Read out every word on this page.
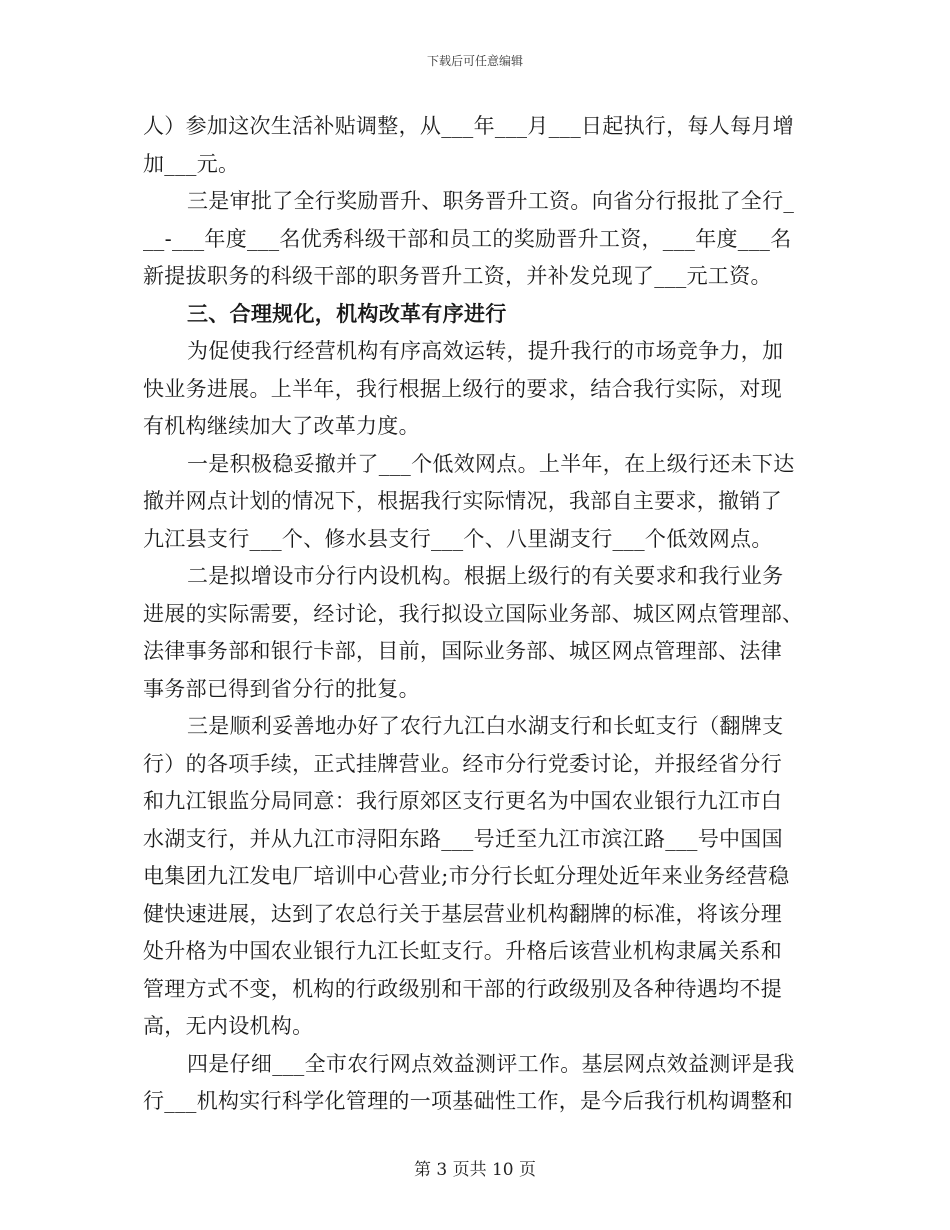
下载后可任意编辑
人）参加这次生活补贴调整，从___年___月___日起执行，每人每月增
加___元。
三是审批了全行奖励晋升、职务晋升工资。向省分行报批了全行_
__-___年度___名优秀科级干部和员工的奖励晋升工资，___年度___名
新提拔职务的科级干部的职务晋升工资，并补发兑现了___元工资。
三、合理规化，机构改革有序进行
为促使我行经营机构有序高效运转，提升我行的市场竞争力，加
快业务进展。上半年，我行根据上级行的要求，结合我行实际，对现
有机构继续加大了改革力度。
一是积极稳妥撤并了___个低效网点。上半年，在上级行还未下达
撤并网点计划的情况下，根据我行实际情况，我部自主要求，撤销了
九江县支行___个、修水县支行___个、八里湖支行___个低效网点。
二是拟增设市分行内设机构。根据上级行的有关要求和我行业务
进展的实际需要，经讨论，我行拟设立国际业务部、城区网点管理部、
法律事务部和银行卡部，目前，国际业务部、城区网点管理部、法律
事务部已得到省分行的批复。
三是顺利妥善地办好了农行九江白水湖支行和长虹支行（翻牌支
行）的各项手续，正式挂牌营业。经市分行党委讨论，并报经省分行
和九江银监分局同意：我行原郊区支行更名为中国农业银行九江市白
水湖支行，并从九江市浔阳东路___号迁至九江市滨江路___号中国国
电集团九江发电厂培训中心营业;市分行长虹分理处近年来业务经营稳
健快速进展，达到了农总行关于基层营业机构翻牌的标准，将该分理
处升格为中国农业银行九江长虹支行。升格后该营业机构隶属关系和
管理方式不变，机构的行政级别和干部的行政级别及各种待遇均不提
高，无内设机构。
四是仔细___全市农行网点效益测评工作。基层网点效益测评是我
行___机构实行科学化管理的一项基础性工作，是今后我行机构调整和
第 3 页共 10 页
